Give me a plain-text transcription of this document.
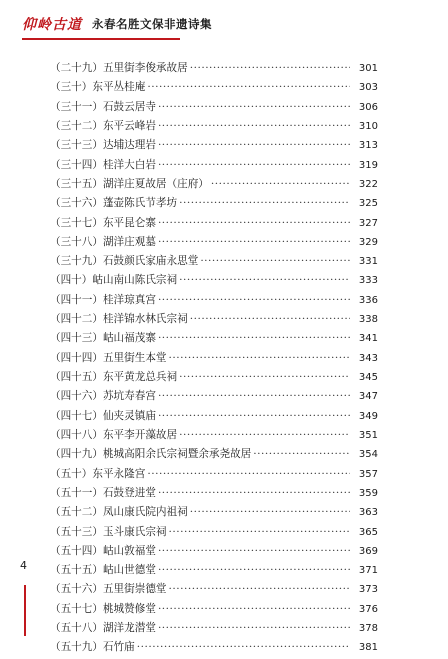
仰岭古道 永春名胜文保非遗诗集
（二十九）五里街李俊承故居 ·····	301
（三十）东平丛桂庵 ·····	303
（三十一）石鼓云居寺 ·····	306
（三十二）东平云峰岩 ·····	310
（三十三）达埔达理岩 ·····	313
（三十四）桂洋大白岩 ·····	319
（三十五）湖洋庄夏故居（庄府） ·····	322
（三十六）蓬壶陈氏节孝坊 ·····	325
（三十七）东平昆仑寨 ·····	327
（三十八）湖洋庄观墓 ·····	329
（三十九）石鼓颜氏家庙永思堂 ·····	331
（四十）岵山南山陈氏宗祠 ·····	333
（四十一）桂洋琼真宫 ·····	336
（四十二）桂洋锦水林氏宗祠 ·····	338
（四十三）岵山福茂寨 ·····	341
（四十四）五里街生本堂 ·····	343
（四十五）东平黄龙总兵祠 ·····	345
（四十六）苏坑寿春宫 ·····	347
（四十七）仙夹灵镇庙 ·····	349
（四十八）东平李开藻故居 ·····	351
（四十九）桃城高阳余氏宗祠暨余承尧故居 ·····	354
（五十）东平永隆宫 ·····	357
（五十一）石鼓登进堂 ·····	359
（五十二）凤山康氏院内祖祠 ·····	363
（五十三）玉斗康氏宗祠 ·····	365
（五十四）岵山敦福堂 ·····	369
（五十五）岵山世德堂 ·····	371
（五十六）五里街崇德堂 ·····	373
（五十七）桃城赞修堂 ·····	376
（五十八）湖洋龙潜堂 ·····	378
（五十九）石竹庙 ·····	381
4
